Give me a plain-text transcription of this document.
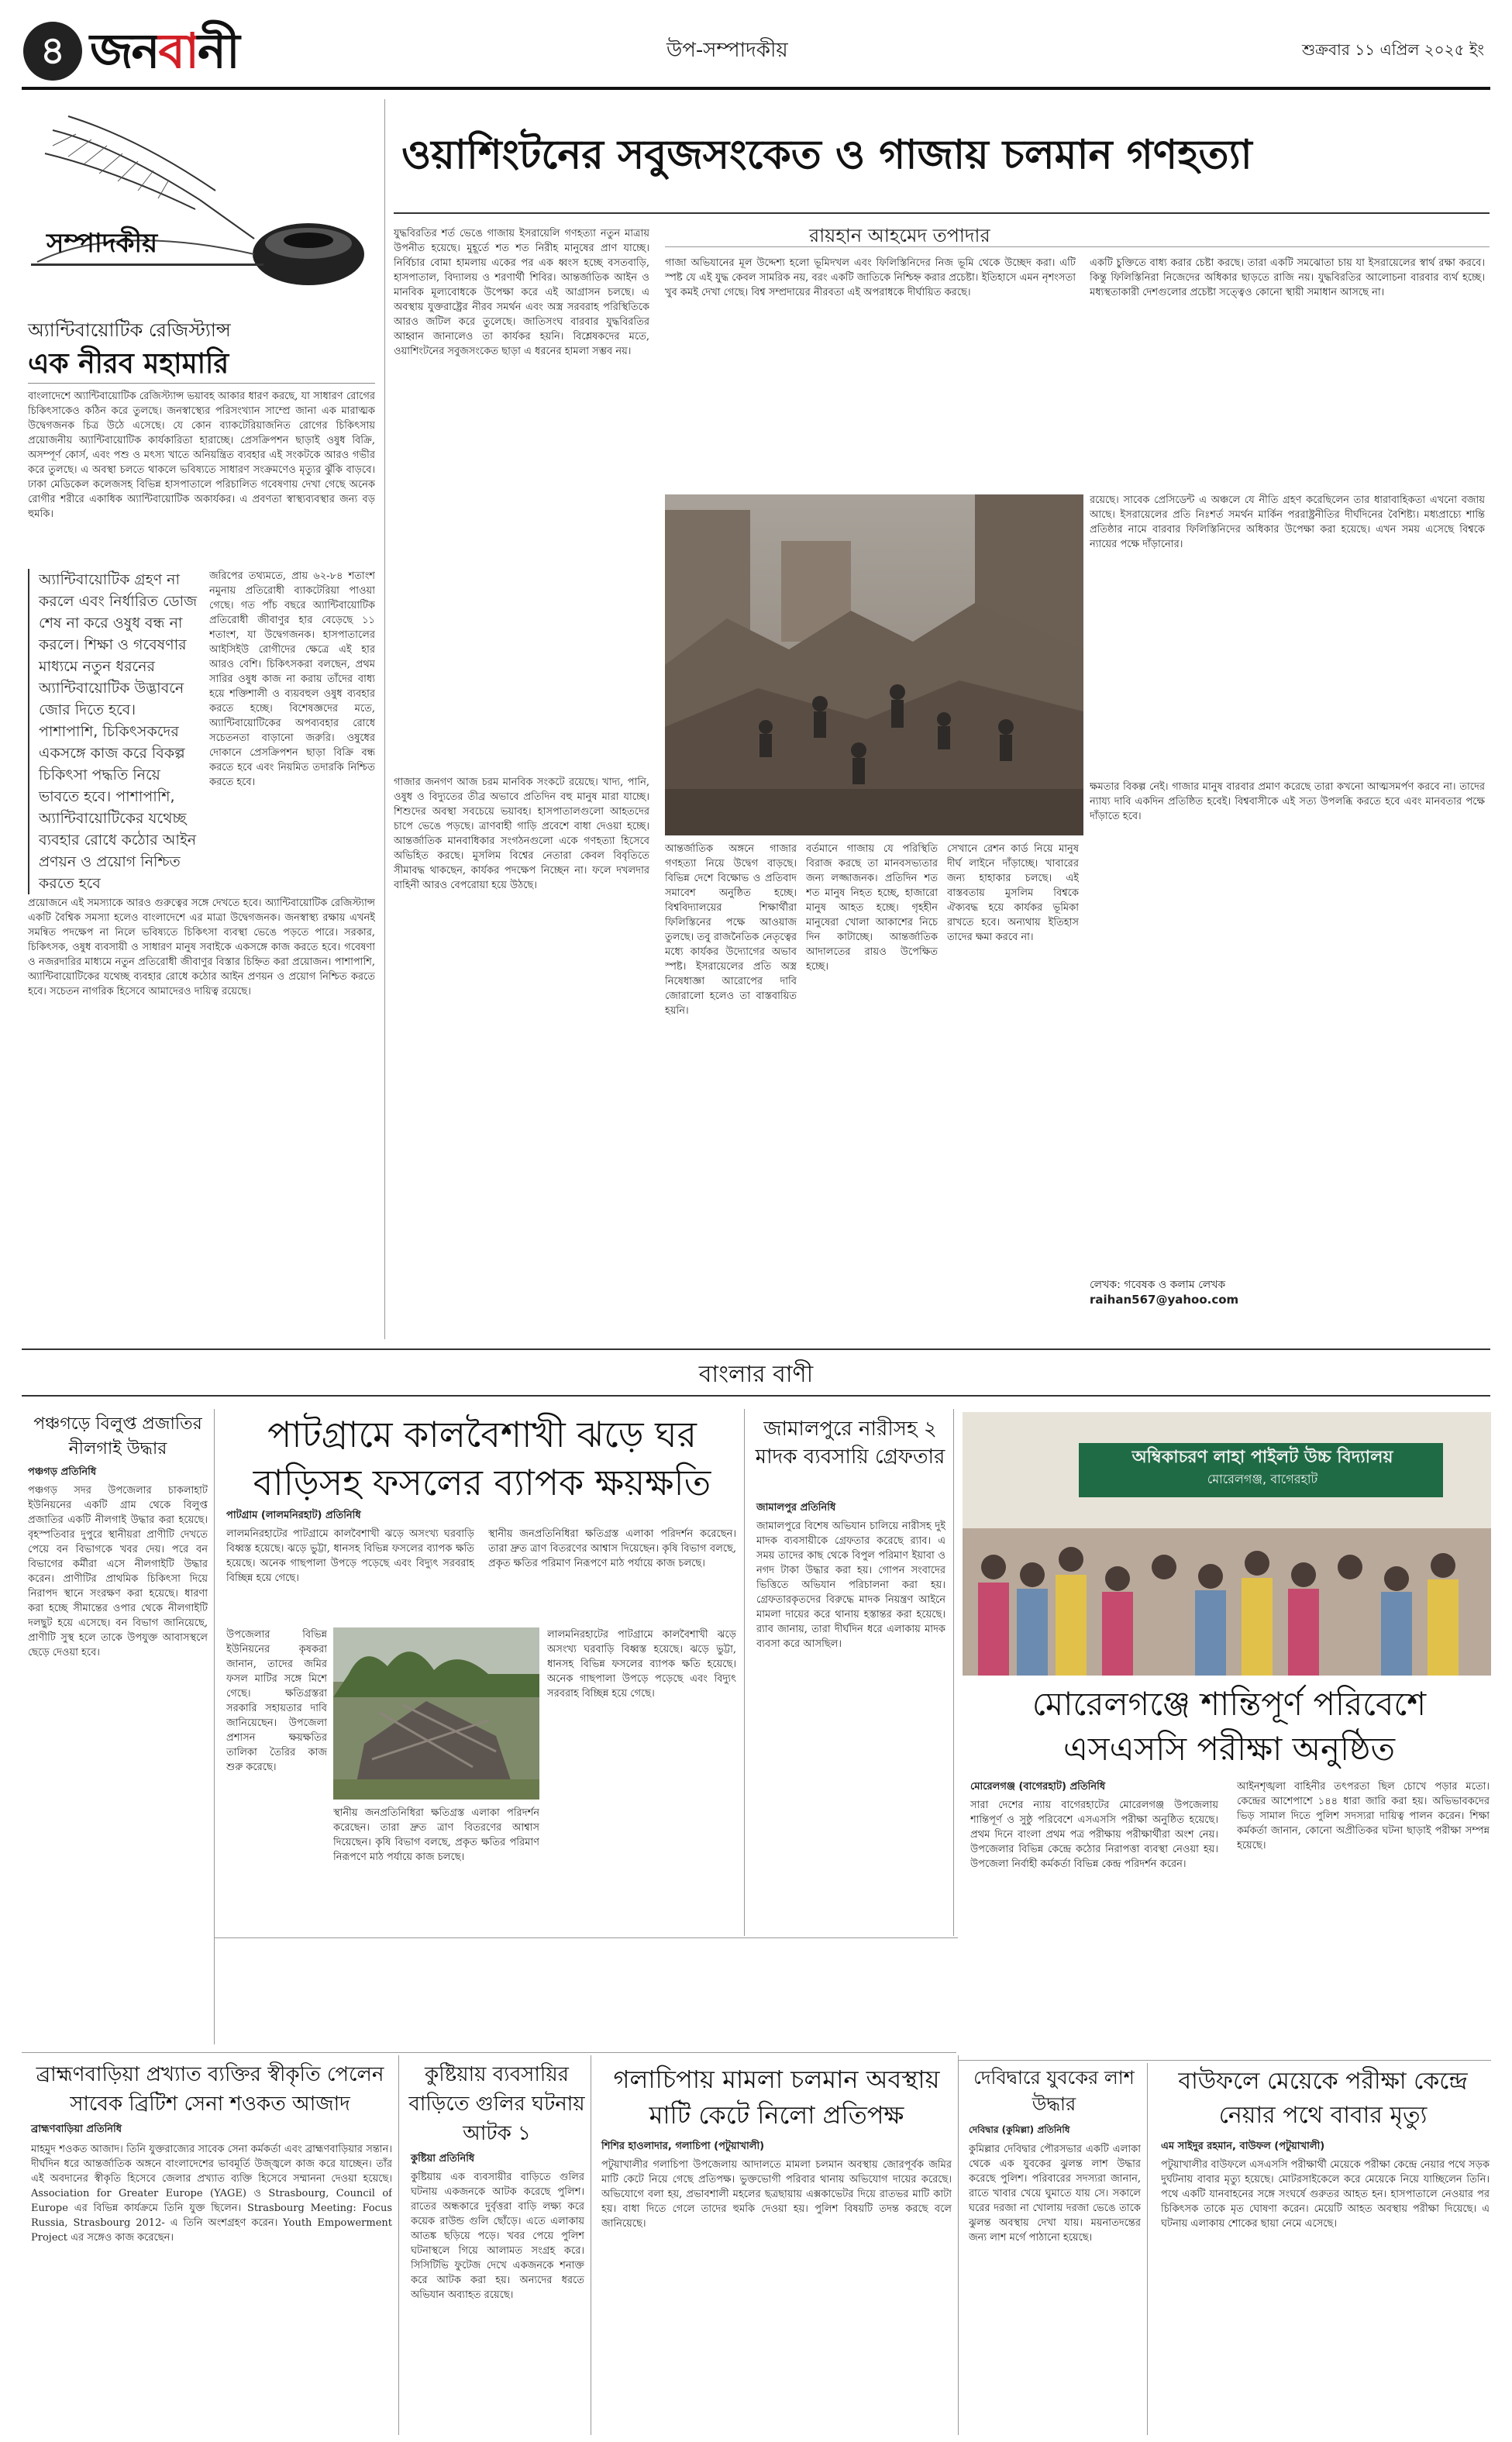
৪ জনবানী	উপ-সম্পাদকীয়	শুক্রবার ১১ এপ্রিল ২০২৫ ইং
সম্পাদকীয়
অ্যান্টিবায়োটিক রেজিস্ট্যান্স
এক নীরব মহামারি
বাংলাদেশে অ্যান্টিবায়োটিক রেজিস্ট্যান্স ভয়াবহ আকার ধারণ করছে, যা সাধারণ রোগের চিকিৎসাকেও কঠিন করে তুলছে। জনস্বাস্থ্যের পরিসংখ্যান সাম্প্রে জানা এক মারাত্মক উদ্বেগজনক চিত্র উঠে এসেছে। যে কোন ব্যাকটেরিয়াজনিত রোগের চিকিৎসায় প্রয়োজনীয় অ্যান্টিবায়োটিক কার্যকারিতা হারাচ্ছে। প্রেসক্রিপশন ছাড়াই ওষুধ বিক্রি, অসম্পূর্ণ কোর্স, এবং পশু ও মৎস্য খাতে অনিয়ন্ত্রিত ব্যবহার এই সংকটকে আরও গভীর করে তুলছে। এ অবস্থা চলতে থাকলে ভবিষ্যতে সাধারণ সংক্রমণেও মৃত্যুর ঝুঁকি বাড়বে। ঢাকা মেডিকেল কলেজসহ বিভিন্ন হাসপাতালে পরিচালিত গবেষণায় দেখা গেছে অনেক রোগীর শরীরে একাধিক অ্যান্টিবায়োটিক অকার্যকর। এ প্রবণতা স্বাস্থ্যব্যবস্থার জন্য বড় হুমকি।
অ্যান্টিবায়োটিক গ্রহণ না করলে এবং নির্ধারিত ডোজ শেষ না করে ওষুধ বন্ধ না করলে। শিক্ষা ও গবেষণার মাধ্যমে নতুন ধরনের অ্যান্টিবায়োটিক উদ্ভাবনে জোর দিতে হবে। পাশাপাশি, চিকিৎসকদের একসঙ্গে কাজ করে বিকল্প চিকিৎসা পদ্ধতি নিয়ে ভাবতে হবে। পাশাপাশি, অ্যান্টিবায়োটিকের যথেচ্ছ ব্যবহার রোধে কঠোর আইন প্রণয়ন ও প্রয়োগ নিশ্চিত করতে হবে
জরিপের তথ্যমতে, প্রায় ৬২-৮৪ শতাংশ নমুনায় প্রতিরোধী ব্যাকটেরিয়া পাওয়া গেছে। গত পাঁচ বছরে অ্যান্টিবায়োটিক প্রতিরোধী জীবাণুর হার বেড়েছে ১১ শতাংশ, যা উদ্বেগজনক। হাসপাতালের আইসিইউ রোগীদের ক্ষেত্রে এই হার আরও বেশি। চিকিৎসকরা বলছেন, প্রথম সারির ওষুধ কাজ না করায় তাঁদের বাধ্য হয়ে শক্তিশালী ও ব্যয়বহুল ওষুধ ব্যবহার করতে হচ্ছে। বিশেষজ্ঞদের মতে, অ্যান্টিবায়োটিকের অপব্যবহার রোধে সচেতনতা বাড়ানো জরুরি। ওষুধের দোকানে প্রেসক্রিপশন ছাড়া বিক্রি বন্ধ করতে হবে এবং নিয়মিত তদারকি নিশ্চিত করতে হবে।
প্রয়োজনে এই সমস্যাকে আরও গুরুত্বের সঙ্গে দেখতে হবে। অ্যান্টিবায়োটিক রেজিস্ট্যান্স একটি বৈশ্বিক সমস্যা হলেও বাংলাদেশে এর মাত্রা উদ্বেগজনক। জনস্বাস্থ্য রক্ষায় এখনই সমন্বিত পদক্ষেপ না নিলে ভবিষ্যতে চিকিৎসা ব্যবস্থা ভেঙে পড়তে পারে। সরকার, চিকিৎসক, ওষুধ ব্যবসায়ী ও সাধারণ মানুষ সবাইকে একসঙ্গে কাজ করতে হবে। গবেষণা ও নজরদারির মাধ্যমে নতুন প্রতিরোধী জীবাণুর বিস্তার চিহ্নিত করা প্রয়োজন। পাশাপাশি, অ্যান্টিবায়োটিকের যথেচ্ছ ব্যবহার রোধে কঠোর আইন প্রণয়ন ও প্রয়োগ নিশ্চিত করতে হবে। সচেতন নাগরিক হিসেবে আমাদেরও দায়িত্ব রয়েছে।
ওয়াশিংটনের সবুজসংকেত ও গাজায় চলমান গণহত্যা
রায়হান আহমেদ তপাদার
যুদ্ধবিরতির শর্ত ভেঙে গাজায় ইসরায়েলি গণহত্যা নতুন মাত্রায় উপনীত হয়েছে। মুহূর্তে শত শত নিরীহ মানুষের প্রাণ যাচ্ছে। নির্বিচার বোমা হামলায় একের পর এক ধ্বংস হচ্ছে বসতবাড়ি, হাসপাতাল, বিদ্যালয় ও শরণার্থী শিবির। আন্তর্জাতিক আইন ও মানবিক মূল্যবোধকে উপেক্ষা করে এই আগ্রাসন চলছে। এ অবস্থায় যুক্তরাষ্ট্রের নীরব সমর্থন এবং অস্ত্র সরবরাহ পরিস্থিতিকে আরও জটিল করে তুলেছে। জাতিসংঘ বারবার যুদ্ধবিরতির আহ্বান জানালেও তা কার্যকর হয়নি। বিশ্লেষকদের মতে, ওয়াশিংটনের সবুজসংকেত ছাড়া এ ধরনের হামলা সম্ভব নয়।
গাজার জনগণ আজ চরম মানবিক সংকটে রয়েছে। খাদ্য, পানি, ওষুধ ও বিদ্যুতের তীব্র অভাবে প্রতিদিন বহু মানুষ মারা যাচ্ছে। শিশুদের অবস্থা সবচেয়ে ভয়াবহ। হাসপাতালগুলো আহতদের চাপে ভেঙে পড়ছে। ত্রাণবাহী গাড়ি প্রবেশে বাধা দেওয়া হচ্ছে। আন্তর্জাতিক মানবাধিকার সংগঠনগুলো একে গণহত্যা হিসেবে অভিহিত করছে। মুসলিম বিশ্বের নেতারা কেবল বিবৃতিতে সীমাবদ্ধ থাকছেন, কার্যকর পদক্ষেপ নিচ্ছেন না। ফলে দখলদার বাহিনী আরও বেপরোয়া হয়ে উঠছে।
গাজা অভিযানের মূল উদ্দেশ্য হলো ভূমিদখল এবং ফিলিস্তিনিদের নিজ ভূমি থেকে উচ্ছেদ করা। এটি স্পষ্ট যে এই যুদ্ধ কেবল সামরিক নয়, বরং একটি জাতিকে নিশ্চিহ্ন করার প্রচেষ্টা। ইতিহাসে এমন নৃশংসতা খুব কমই দেখা গেছে। বিশ্ব সম্প্রদায়ের নীরবতা এই অপরাধকে দীর্ঘায়িত করছে।
একটি চুক্তিতে বাধ্য করার চেষ্টা করছে। তারা একটি সমঝোতা চায় যা ইসরায়েলের স্বার্থ রক্ষা করবে। কিন্তু ফিলিস্তিনিরা নিজেদের অধিকার ছাড়তে রাজি নয়। যুদ্ধবিরতির আলোচনা বারবার ব্যর্থ হচ্ছে। মধ্যস্থতাকারী দেশগুলোর প্রচেষ্টা সত্ত্বেও কোনো স্থায়ী সমাধান আসছে না।
রয়েছে। সাবেক প্রেসিডেন্ট এ অঞ্চলে যে নীতি গ্রহণ করেছিলেন তার ধারাবাহিকতা এখনো বজায় আছে। ইসরায়েলের প্রতি নিঃশর্ত সমর্থন মার্কিন পররাষ্ট্রনীতির দীর্ঘদিনের বৈশিষ্ট্য। মধ্যপ্রাচ্যে শান্তি প্রতিষ্ঠার নামে বারবার ফিলিস্তিনিদের অধিকার উপেক্ষা করা হয়েছে। এখন সময় এসেছে বিশ্বকে ন্যায়ের পক্ষে দাঁড়ানোর।
আন্তর্জাতিক অঙ্গনে গাজার গণহত্যা নিয়ে উদ্বেগ বাড়ছে। বিভিন্ন দেশে বিক্ষোভ ও প্রতিবাদ সমাবেশ অনুষ্ঠিত হচ্ছে। বিশ্ববিদ্যালয়ের শিক্ষার্থীরা ফিলিস্তিনের পক্ষে আওয়াজ তুলছে। তবু রাজনৈতিক নেতৃত্বের মধ্যে কার্যকর উদ্যোগের অভাব স্পষ্ট। ইসরায়েলের প্রতি অস্ত্র নিষেধাজ্ঞা আরোপের দাবি জোরালো হলেও তা বাস্তবায়িত হয়নি।
বর্তমানে গাজায় যে পরিস্থিতি বিরাজ করছে তা মানবসভ্যতার জন্য লজ্জাজনক। প্রতিদিন শত শত মানুষ নিহত হচ্ছে, হাজারো মানুষ আহত হচ্ছে। গৃহহীন মানুষেরা খোলা আকাশের নিচে দিন কাটাচ্ছে। আন্তর্জাতিক আদালতের রায়ও উপেক্ষিত হচ্ছে।
সেখানে রেশন কার্ড নিয়ে মানুষ দীর্ঘ লাইনে দাঁড়াচ্ছে। খাবারের জন্য হাহাকার চলছে। এই বাস্তবতায় মুসলিম বিশ্বকে ঐক্যবদ্ধ হয়ে কার্যকর ভূমিকা রাখতে হবে। অন্যথায় ইতিহাস তাদের ক্ষমা করবে না।
ক্ষমতার বিকল্প নেই। গাজার মানুষ বারবার প্রমাণ করেছে তারা কখনো আত্মসমর্পণ করবে না। তাদের ন্যায্য দাবি একদিন প্রতিষ্ঠিত হবেই। বিশ্ববাসীকে এই সত্য উপলব্ধি করতে হবে এবং মানবতার পক্ষে দাঁড়াতে হবে।
লেখক: গবেষক ও কলাম লেখক
raihan567@yahoo.com
বাংলার বাণী
পঞ্চগড়ে বিলুপ্ত প্রজাতির নীলগাই উদ্ধার
পঞ্চগড় প্রতিনিধি
পঞ্চগড় সদর উপজেলার চাকলাহাট ইউনিয়নের একটি গ্রাম থেকে বিলুপ্ত প্রজাতির একটি নীলগাই উদ্ধার করা হয়েছে। বৃহস্পতিবার দুপুরে স্থানীয়রা প্রাণীটি দেখতে পেয়ে বন বিভাগকে খবর দেয়। পরে বন বিভাগের কর্মীরা এসে নীলগাইটি উদ্ধার করেন। প্রাণীটির প্রাথমিক চিকিৎসা দিয়ে নিরাপদ স্থানে সংরক্ষণ করা হয়েছে। ধারণা করা হচ্ছে সীমান্তের ওপার থেকে নীলগাইটি দলছুট হয়ে এসেছে। বন বিভাগ জানিয়েছে, প্রাণীটি সুস্থ হলে তাকে উপযুক্ত আবাসস্থলে ছেড়ে দেওয়া হবে।
পাটগ্রামে কালবৈশাখী ঝড়ে ঘর বাড়িসহ ফসলের ব্যাপক ক্ষয়ক্ষতি
পাটগ্রাম (লালমনিরহাট) প্রতিনিধি
লালমনিরহাটের পাটগ্রামে কালবৈশাখী ঝড়ে অসংখ্য ঘরবাড়ি বিধ্বস্ত হয়েছে। ঝড়ে ভুট্টা, ধানসহ বিভিন্ন ফসলের ব্যাপক ক্ষতি হয়েছে। অনেক গাছপালা উপড়ে পড়েছে এবং বিদ্যুৎ সরবরাহ বিচ্ছিন্ন হয়ে গেছে।
উপজেলার বিভিন্ন ইউনিয়নের কৃষকরা জানান, তাদের জমির ফসল মাটির সঙ্গে মিশে গেছে। ক্ষতিগ্রস্তরা সরকারি সহায়তার দাবি জানিয়েছেন। উপজেলা প্রশাসন ক্ষয়ক্ষতির তালিকা তৈরির কাজ শুরু করেছে।
স্থানীয় জনপ্রতিনিধিরা ক্ষতিগ্রস্ত এলাকা পরিদর্শন করেছেন। তারা দ্রুত ত্রাণ বিতরণের আশ্বাস দিয়েছেন। কৃষি বিভাগ বলছে, প্রকৃত ক্ষতির পরিমাণ নিরূপণে মাঠ পর্যায়ে কাজ চলছে।
লালমনিরহাটের পাটগ্রামে কালবৈশাখী ঝড়ে অসংখ্য ঘরবাড়ি বিধ্বস্ত হয়েছে। ঝড়ে ভুট্টা, ধানসহ বিভিন্ন ফসলের ব্যাপক ক্ষতি হয়েছে। অনেক গাছপালা উপড়ে পড়েছে এবং বিদ্যুৎ সরবরাহ বিচ্ছিন্ন হয়ে গেছে।
স্থানীয় জনপ্রতিনিধিরা ক্ষতিগ্রস্ত এলাকা পরিদর্শন করেছেন। তারা দ্রুত ত্রাণ বিতরণের আশ্বাস দিয়েছেন। কৃষি বিভাগ বলছে, প্রকৃত ক্ষতির পরিমাণ নিরূপণে মাঠ পর্যায়ে কাজ চলছে।
জামালপুরে নারীসহ ২ মাদক ব্যবসায়ি গ্রেফতার
জামালপুর প্রতিনিধি
জামালপুরে বিশেষ অভিযান চালিয়ে নারীসহ দুই মাদক ব্যবসায়ীকে গ্রেফতার করেছে র‌্যাব। এ সময় তাদের কাছ থেকে বিপুল পরিমাণ ইয়াবা ও নগদ টাকা উদ্ধার করা হয়। গোপন সংবাদের ভিত্তিতে অভিযান পরিচালনা করা হয়। গ্রেফতারকৃতদের বিরুদ্ধে মাদক নিয়ন্ত্রণ আইনে মামলা দায়ের করে থানায় হস্তান্তর করা হয়েছে। র‌্যাব জানায়, তারা দীর্ঘদিন ধরে এলাকায় মাদক ব্যবসা করে আসছিল।
অম্বিকাচরণ লাহা পাইলট উচ্চ বিদ্যালয়
মোরেলগঞ্জ, বাগেরহাট
মোরেলগঞ্জে শান্তিপূর্ণ পরিবেশে এসএসসি পরীক্ষা অনুষ্ঠিত
মোরেলগঞ্জ (বাগেরহাট) প্রতিনিধি
সারা দেশের ন্যায় বাগেরহাটের মোরেলগঞ্জ উপজেলায় শান্তিপূর্ণ ও সুষ্ঠু পরিবেশে এসএসসি পরীক্ষা অনুষ্ঠিত হয়েছে। প্রথম দিনে বাংলা প্রথম পত্র পরীক্ষায় পরীক্ষার্থীরা অংশ নেয়। উপজেলার বিভিন্ন কেন্দ্রে কঠোর নিরাপত্তা ব্যবস্থা নেওয়া হয়। উপজেলা নির্বাহী কর্মকর্তা বিভিন্ন কেন্দ্র পরিদর্শন করেন।
আইনশৃঙ্খলা বাহিনীর তৎপরতা ছিল চোখে পড়ার মতো। কেন্দ্রের আশেপাশে ১৪৪ ধারা জারি করা হয়। অভিভাবকদের ভিড় সামাল দিতে পুলিশ সদস্যরা দায়িত্ব পালন করেন। শিক্ষা কর্মকর্তা জানান, কোনো অপ্রীতিকর ঘটনা ছাড়াই পরীক্ষা সম্পন্ন হয়েছে।
ব্রাহ্মণবাড়িয়া প্রখ্যাত ব্যক্তির স্বীকৃতি পেলেন সাবেক ব্রিটিশ সেনা শওকত আজাদ
ব্রাহ্মণবাড়িয়া প্রতিনিধি
মাহমুদ শওকত আজাদ। তিনি যুক্তরাজ্যের সাবেক সেনা কর্মকর্তা এবং ব্রাহ্মণবাড়িয়ার সন্তান। দীর্ঘদিন ধরে আন্তর্জাতিক অঙ্গনে বাংলাদেশের ভাবমূর্তি উজ্জ্বলে কাজ করে যাচ্ছেন। তাঁর এই অবদানের স্বীকৃতি হিসেবে জেলার প্রখ্যাত ব্যক্তি হিসেবে সম্মাননা দেওয়া হয়েছে। Association for Greater Europe (YAGE) ও Strasbourg, Council of Europe এর বিভিন্ন কার্যক্রমে তিনি যুক্ত ছিলেন। Strasbourg Meeting: Focus Russia, Strasbourg 2012- এ তিনি অংশগ্রহণ করেন। Youth Empowerment Project এর সঙ্গেও কাজ করেছেন।
কুষ্টিয়ায় ব্যবসায়ির বাড়িতে গুলির ঘটনায় আটক ১
কুষ্টিয়া প্রতিনিধি
কুষ্টিয়ায় এক ব্যবসায়ীর বাড়িতে গুলির ঘটনায় একজনকে আটক করেছে পুলিশ। রাতের অন্ধকারে দুর্বৃত্তরা বাড়ি লক্ষ্য করে কয়েক রাউন্ড গুলি ছোঁড়ে। এতে এলাকায় আতঙ্ক ছড়িয়ে পড়ে। খবর পেয়ে পুলিশ ঘটনাস্থলে গিয়ে আলামত সংগ্রহ করে। সিসিটিভি ফুটেজ দেখে একজনকে শনাক্ত করে আটক করা হয়। অন্যদের ধরতে অভিযান অব্যাহত রয়েছে।
গলাচিপায় মামলা চলমান অবস্থায় মাটি কেটে নিলো প্রতিপক্ষ
শিশির হাওলাদার, গলাচিপা (পটুয়াখালী)
পটুয়াখালীর গলাচিপা উপজেলায় আদালতে মামলা চলমান অবস্থায় জোরপূর্বক জমির মাটি কেটে নিয়ে গেছে প্রতিপক্ষ। ভুক্তভোগী পরিবার থানায় অভিযোগ দায়ের করেছে। অভিযোগে বলা হয়, প্রভাবশালী মহলের ছত্রছায়ায় এক্সকাভেটর দিয়ে রাতভর মাটি কাটা হয়। বাধা দিতে গেলে তাদের হুমকি দেওয়া হয়। পুলিশ বিষয়টি তদন্ত করছে বলে জানিয়েছে।
দেবিদ্বারে যুবকের লাশ উদ্ধার
দেবিদ্বার (কুমিল্লা) প্রতিনিধি
কুমিল্লার দেবিদ্বার পৌরসভার একটি এলাকা থেকে এক যুবকের ঝুলন্ত লাশ উদ্ধার করেছে পুলিশ। পরিবারের সদস্যরা জানান, রাতে খাবার খেয়ে ঘুমাতে যায় সে। সকালে ঘরের দরজা না খোলায় দরজা ভেঙে তাকে ঝুলন্ত অবস্থায় দেখা যায়। ময়নাতদন্তের জন্য লাশ মর্গে পাঠানো হয়েছে।
বাউফলে মেয়েকে পরীক্ষা কেন্দ্রে নেয়ার পথে বাবার মৃত্যু
এম সাইদুর রহমান, বাউফল (পটুয়াখালী)
পটুয়াখালীর বাউফলে এসএসসি পরীক্ষার্থী মেয়েকে পরীক্ষা কেন্দ্রে নেয়ার পথে সড়ক দুর্ঘটনায় বাবার মৃত্যু হয়েছে। মোটরসাইকেলে করে মেয়েকে নিয়ে যাচ্ছিলেন তিনি। পথে একটি যানবাহনের সঙ্গে সংঘর্ষে গুরুতর আহত হন। হাসপাতালে নেওয়ার পর চিকিৎসক তাকে মৃত ঘোষণা করেন। মেয়েটি আহত অবস্থায় পরীক্ষা দিয়েছে। এ ঘটনায় এলাকায় শোকের ছায়া নেমে এসেছে।
